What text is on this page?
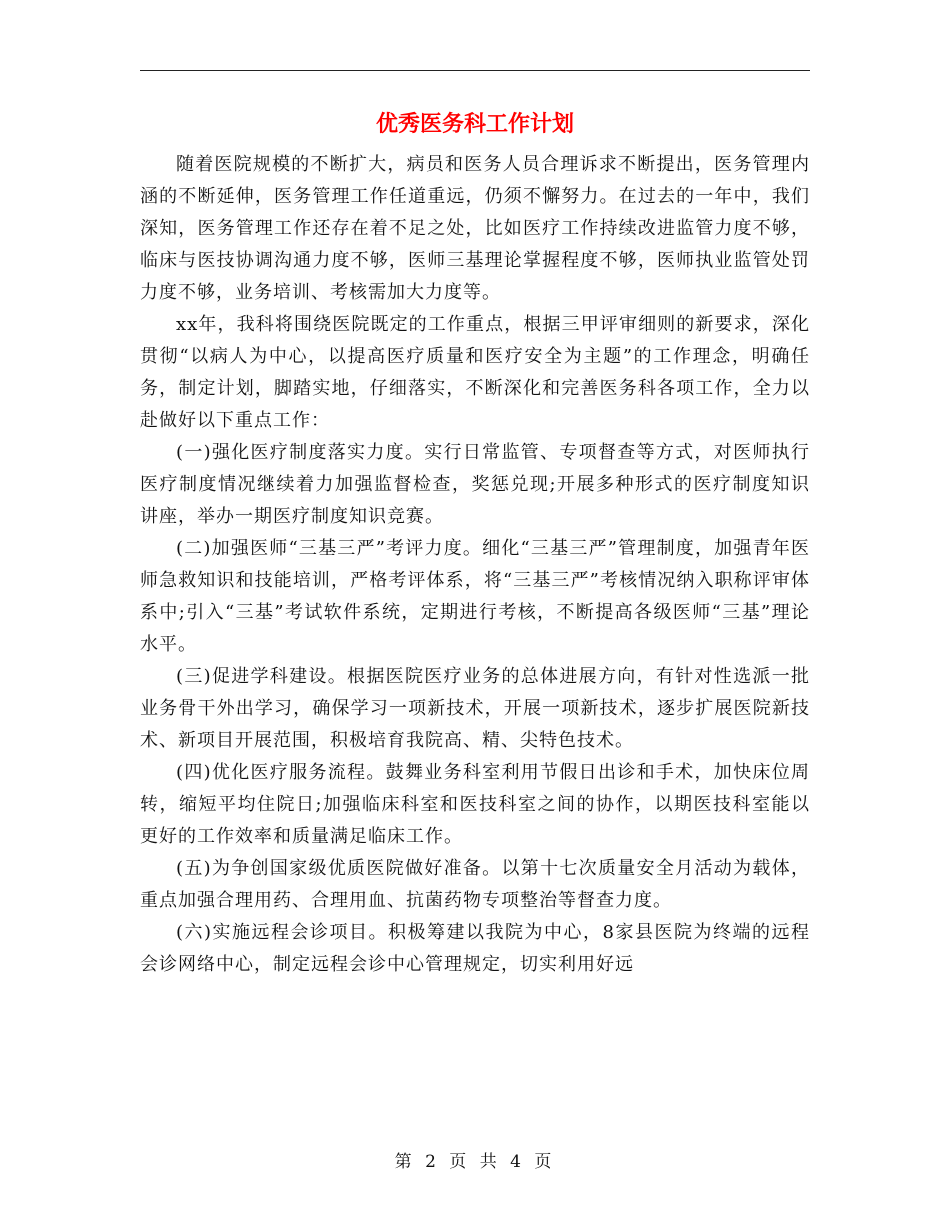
优秀医务科工作计划

随着医院规模的不断扩大，病员和医务人员合理诉求不断提出，医务管理内涵的不断延伸，医务管理工作任道重远，仍须不懈努力。在过去的一年中，我们深知，医务管理工作还存在着不足之处，比如医疗工作持续改进监管力度不够，临床与医技协调沟通力度不够，医师三基理论掌握程度不够，医师执业监管处罚力度不够，业务培训、考核需加大力度等。

xx年，我科将围绕医院既定的工作重点，根据三甲评审细则的新要求，深化贯彻“以病人为中心，以提高医疗质量和医疗安全为主题”的工作理念，明确任务，制定计划，脚踏实地，仔细落实，不断深化和完善医务科各项工作，全力以赴做好以下重点工作：

(一)强化医疗制度落实力度。实行日常监管、专项督查等方式，对医师执行医疗制度情况继续着力加强监督检查，奖惩兑现;开展多种形式的医疗制度知识讲座，举办一期医疗制度知识竞赛。

(二)加强医师“三基三严”考评力度。细化“三基三严”管理制度，加强青年医师急救知识和技能培训，严格考评体系，将“三基三严”考核情况纳入职称评审体系中;引入“三基”考试软件系统，定期进行考核，不断提高各级医师“三基”理论水平。

(三)促进学科建设。根据医院医疗业务的总体进展方向，有针对性选派一批业务骨干外出学习，确保学习一项新技术，开展一项新技术，逐步扩展医院新技术、新项目开展范围，积极培育我院高、精、尖特色技术。

(四)优化医疗服务流程。鼓舞业务科室利用节假日出诊和手术，加快床位周转，缩短平均住院日;加强临床科室和医技科室之间的协作，以期医技科室能以更好的工作效率和质量满足临床工作。

(五)为争创国家级优质医院做好准备。以第十七次质量安全月活动为载体，重点加强合理用药、合理用血、抗菌药物专项整治等督查力度。

(六)实施远程会诊项目。积极筹建以我院为中心，8家县医院为终端的远程会诊网络中心，制定远程会诊中心管理规定，切实利用好远

第 2 页 共 4 页
